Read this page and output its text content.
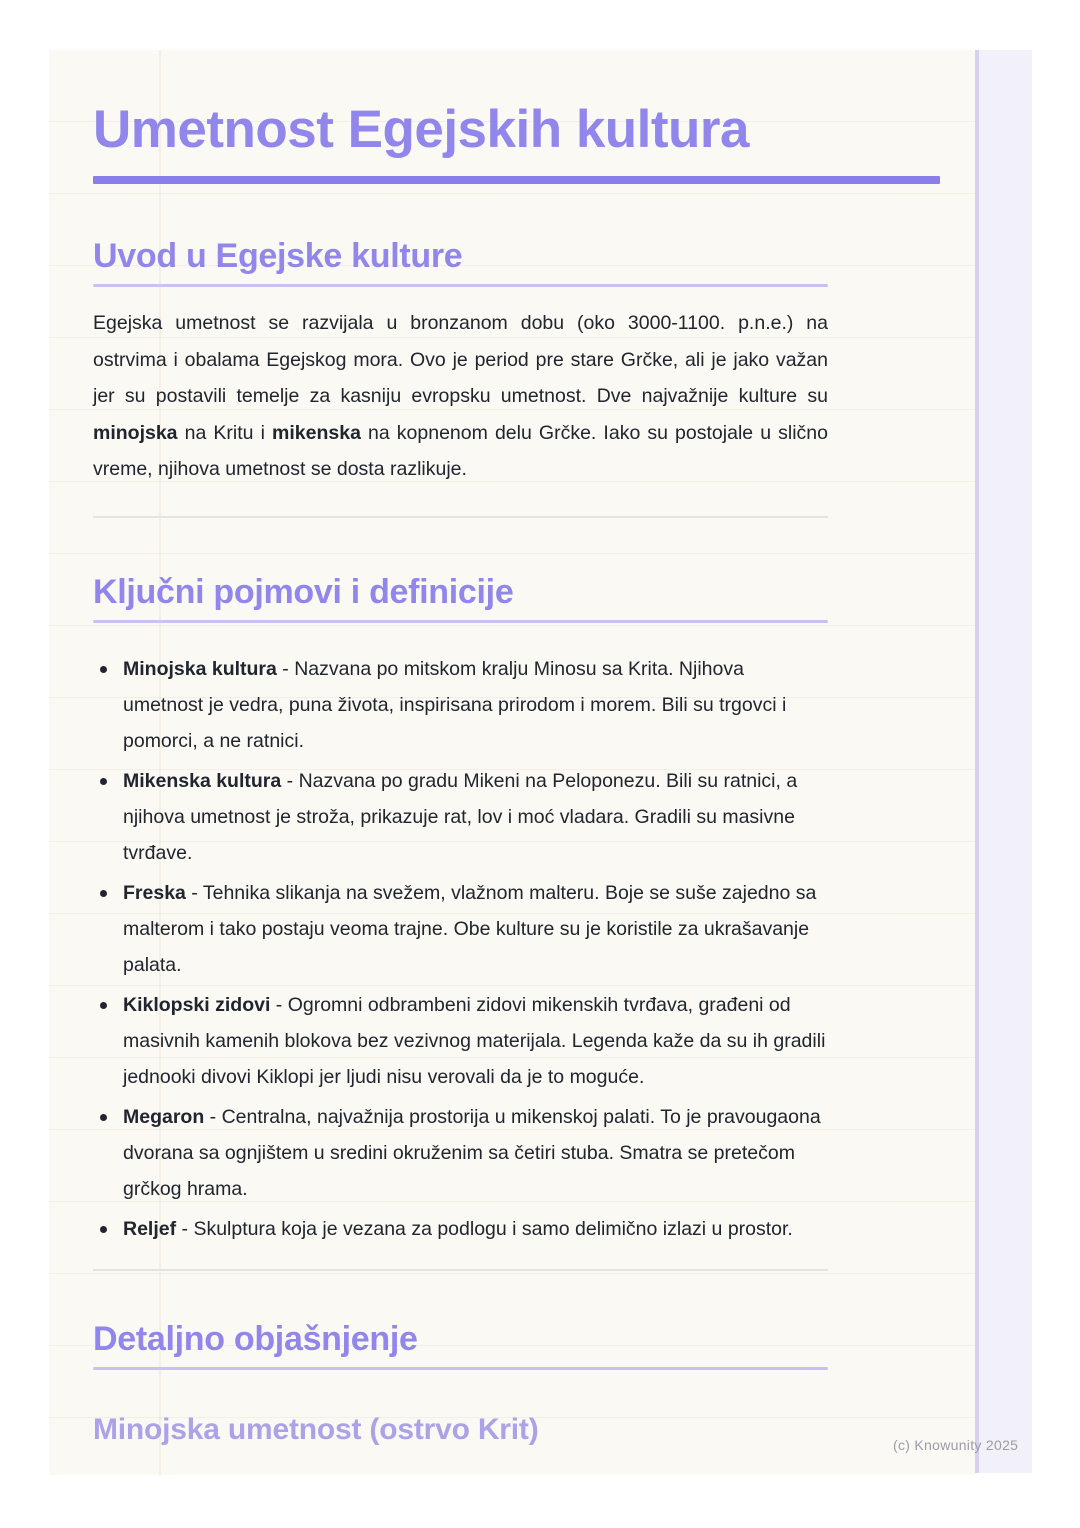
Umetnost Egejskih kultura
Uvod u Egejske kulture

Egejska umetnost se razvijala u bronzanom dobu (oko 3000-1100. p.n.e.) na ostrvima i obalama Egejskog mora. Ovo je period pre stare Grčke, ali je jako važan jer su postavili temelje za kasniju evropsku umetnost. Dve najvažnije kulture su minojska na Kritu i mikenska na kopnenom delu Grčke. Iako su postojale u slično vreme, njihova umetnost se dosta razlikuje.

Ključni pojmovi i definicije
Minojska kultura - Nazvana po mitskom kralju Minosu sa Krita. Njihova umetnost je vedra, puna života, inspirisana prirodom i morem. Bili su trgovci i pomorci, a ne ratnici.
Mikenska kultura - Nazvana po gradu Mikeni na Peloponezu. Bili su ratnici, a njihova umetnost je stroža, prikazuje rat, lov i moć vladara. Gradili su masivne tvrđave.
Freska - Tehnika slikanja na svežem, vlažnom malteru. Boje se suše zajedno sa malterom i tako postaju veoma trajne. Obe kulture su je koristile za ukrašavanje palata.
Kiklopski zidovi - Ogromni odbrambeni zidovi mikenskih tvrđava, građeni od masivnih kamenih blokova bez vezivnog materijala. Legenda kaže da su ih gradili jednooki divovi Kiklopi jer ljudi nisu verovali da je to moguće.
Megaron - Centralna, najvažnija prostorija u mikenskoj palati. To je pravougaona dvorana sa ognjištem u sredini okruženim sa četiri stuba. Smatra se pretečom grčkog hrama.
Reljef - Skulptura koja je vezana za podlogu i samo delimično izlazi u prostor.
Detaljno objašnjenje
Minojska umetnost (ostrvo Krit)	(c) Knowunity 2025
